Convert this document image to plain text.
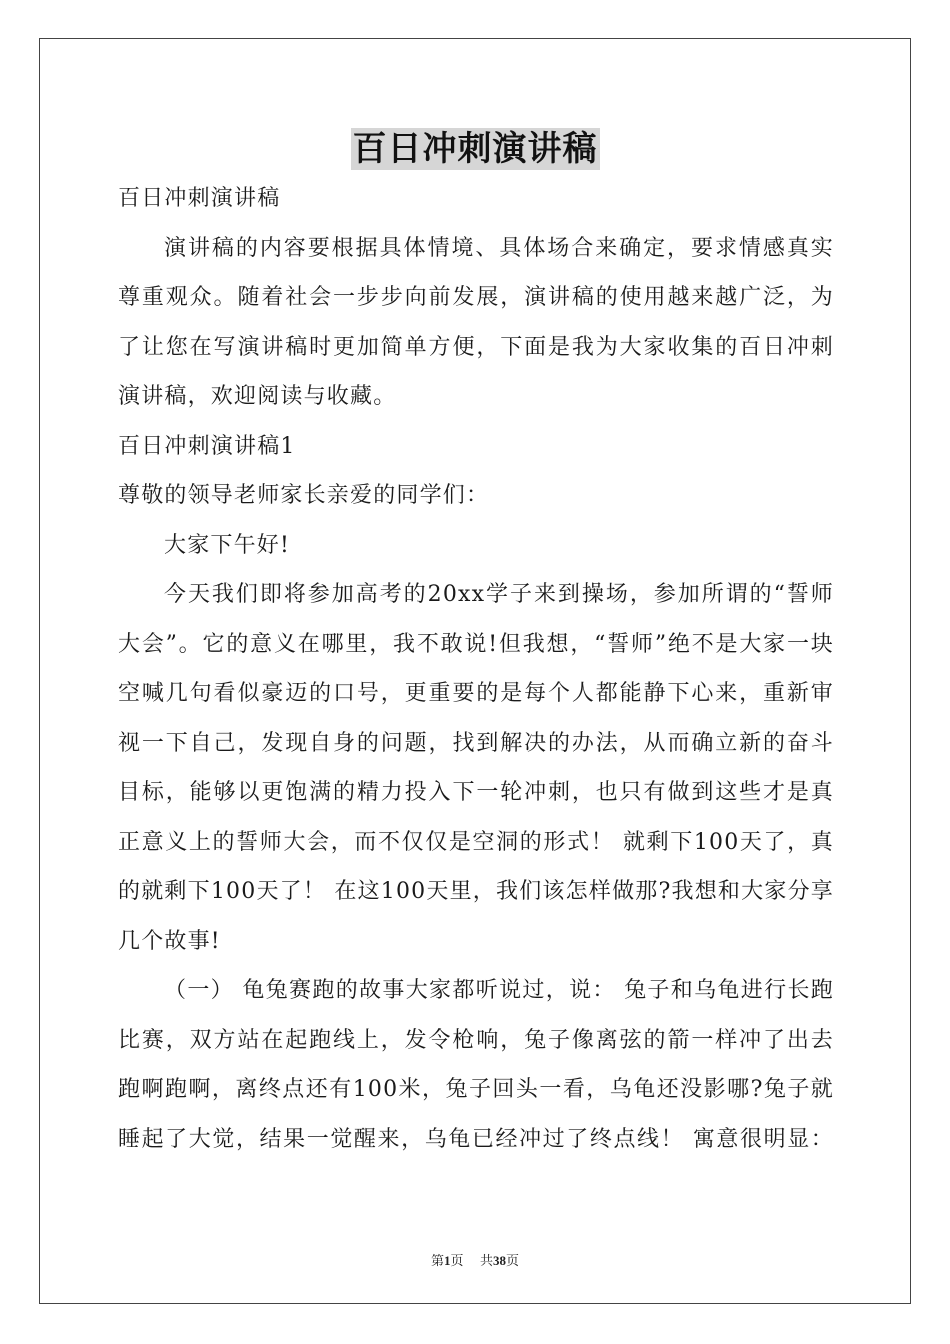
百日冲刺演讲稿

百日冲刺演讲稿

演讲稿的内容要根据具体情境、具体场合来确定，要求情感真实尊重观众。随着社会一步步向前发展，演讲稿的使用越来越广泛，为了让您在写演讲稿时更加简单方便，下面是我为大家收集的百日冲刺演讲稿，欢迎阅读与收藏。

百日冲刺演讲稿1

尊敬的领导老师家长亲爱的同学们：

大家下午好!

今天我们即将参加高考的20xx学子来到操场，参加所谓的“誓师大会”。它的意义在哪里，我不敢说!但我想，“誓师”绝不是大家一块空喊几句看似豪迈的口号，更重要的是每个人都能静下心来，重新审视一下自己，发现自身的问题，找到解决的办法，从而确立新的奋斗目标，能够以更饱满的精力投入下一轮冲刺，也只有做到这些才是真正意义上的誓师大会，而不仅仅是空洞的形式！ 就剩下100天了，真的就剩下100天了！ 在这100天里，我们该怎样做那?我想和大家分享几个故事!

（一） 龟兔赛跑的故事大家都听说过，说： 兔子和乌龟进行长跑比赛，双方站在起跑线上，发令枪响，兔子像离弦的箭一样冲了出去跑啊跑啊，离终点还有100米，兔子回头一看，乌龟还没影哪?兔子就睡起了大觉，结果一觉醒来，乌龟已经冲过了终点线！ 寓意很明显：

第1页 共38页
